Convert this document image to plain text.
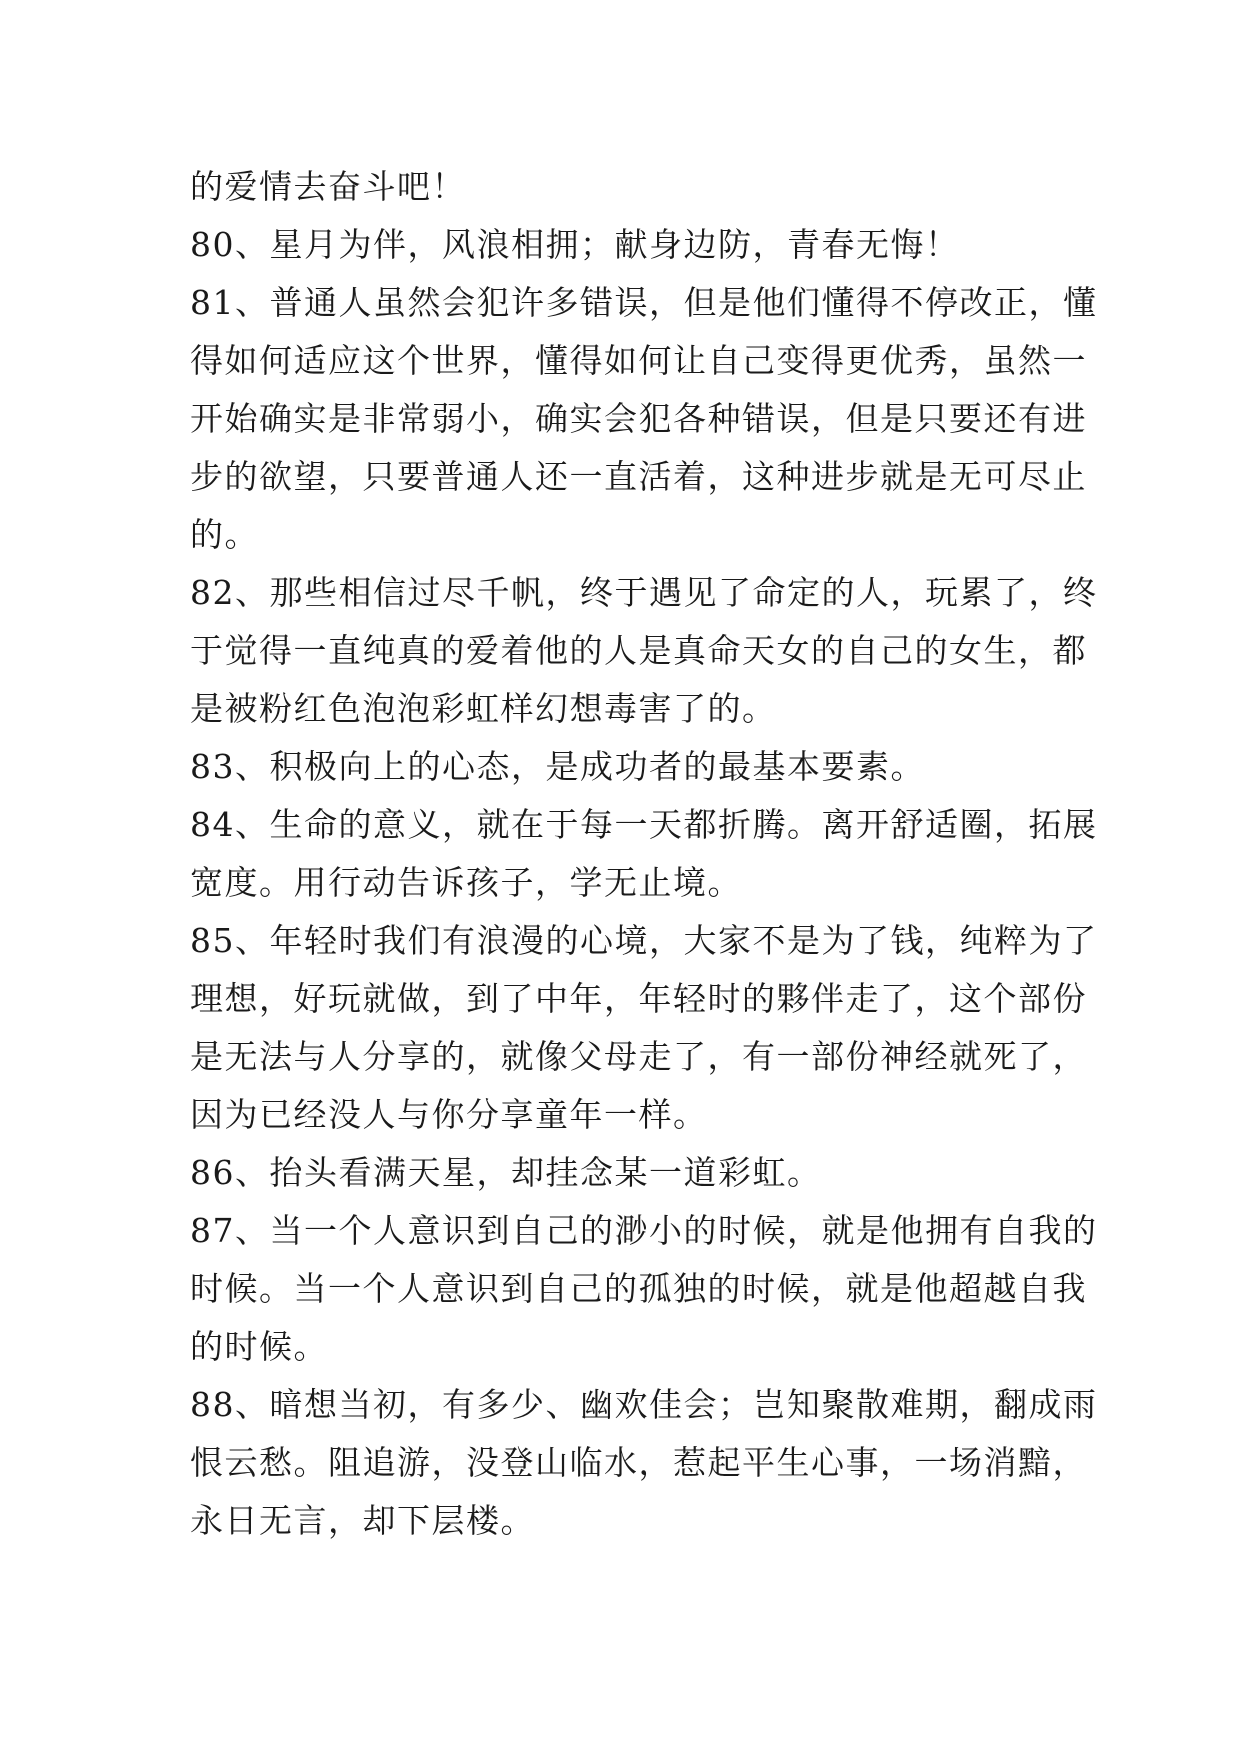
的爱情去奋斗吧！
80、星月为伴，风浪相拥；献身边防，青春无悔！
81、普通人虽然会犯许多错误，但是他们懂得不停改正，懂
得如何适应这个世界，懂得如何让自己变得更优秀，虽然一
开始确实是非常弱小，确实会犯各种错误，但是只要还有进
步的欲望，只要普通人还一直活着，这种进步就是无可尽止
的。
82、那些相信过尽千帆，终于遇见了命定的人，玩累了，终
于觉得一直纯真的爱着他的人是真命天女的自己的女生，都
是被粉红色泡泡彩虹样幻想毒害了的。
83、积极向上的心态，是成功者的最基本要素。
84、生命的意义，就在于每一天都折腾。离开舒适圈，拓展
宽度。用行动告诉孩子，学无止境。
85、年轻时我们有浪漫的心境，大家不是为了钱，纯粹为了
理想，好玩就做，到了中年，年轻时的夥伴走了，这个部份
是无法与人分享的，就像父母走了，有一部份神经就死了，
因为已经没人与你分享童年一样。
86、抬头看满天星，却挂念某一道彩虹。
87、当一个人意识到自己的渺小的时候，就是他拥有自我的
时候。当一个人意识到自己的孤独的时候，就是他超越自我
的时候。
88、暗想当初，有多少、幽欢佳会；岂知聚散难期，翻成雨
恨云愁。阻追游，没登山临水，惹起平生心事，一场消黯，
永日无言，却下层楼。
